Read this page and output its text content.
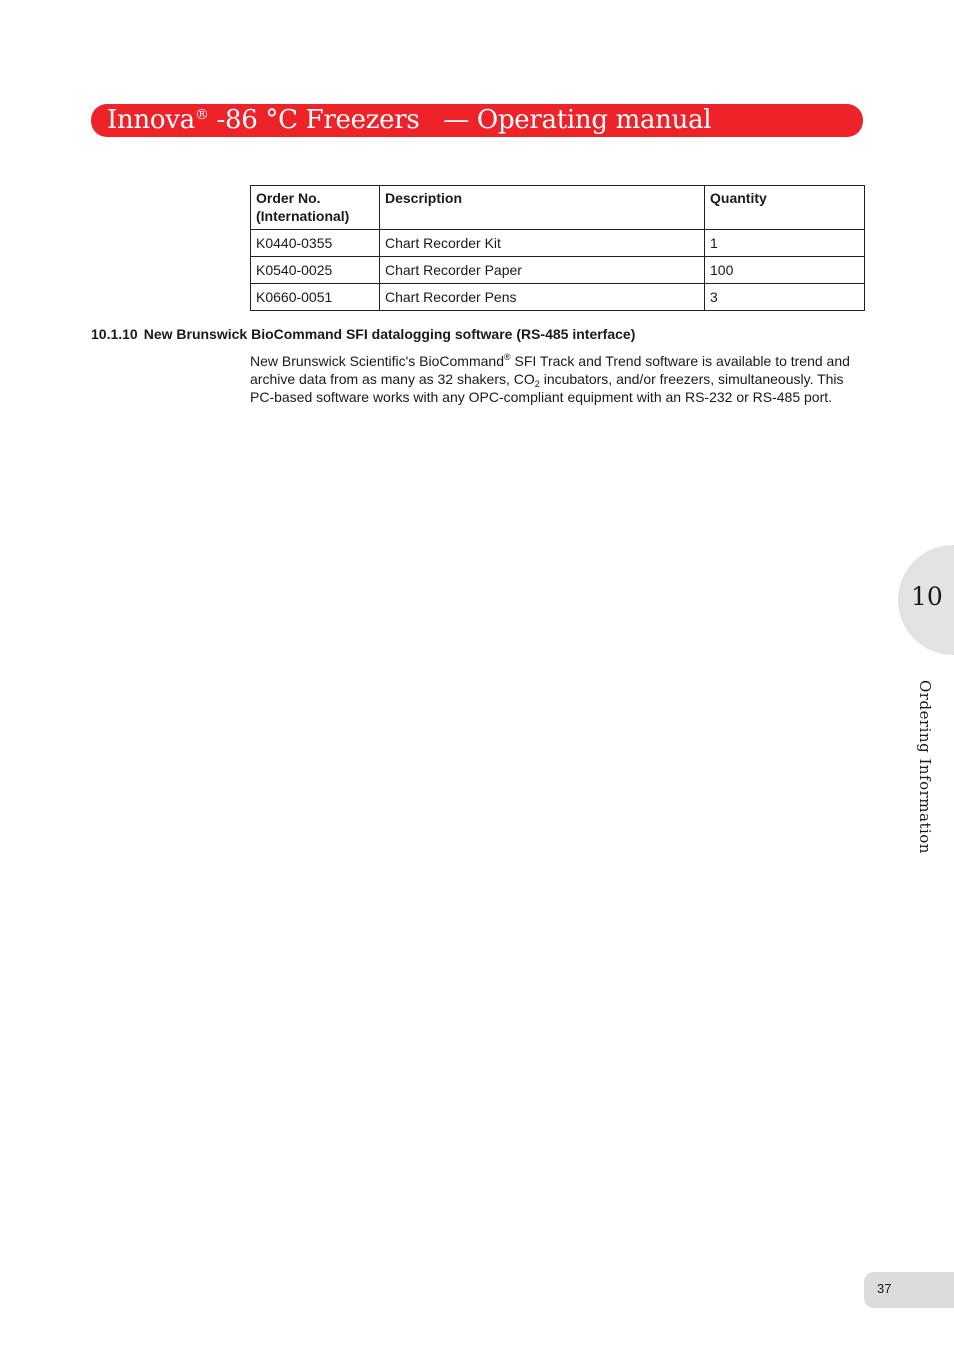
Innova® -86 °C Freezers   — Operating manual
Order No. (International)	Description	Quantity
K0440-0355	Chart Recorder Kit	1
K0540-0025	Chart Recorder Paper	100
K0660-0051	Chart Recorder Pens	3
10.1.10 New Brunswick BioCommand SFI datalogging software (RS-485 interface)

New Brunswick Scientific's BioCommand® SFI Track and Trend software is available to trend and archive data from as many as 32 shakers, $CO_2$ incubators, and/or freezers, simultaneously. This PC-based software works with any OPC-compliant equipment with an RS-232 or RS-485 port.

10
Ordering Information
37
